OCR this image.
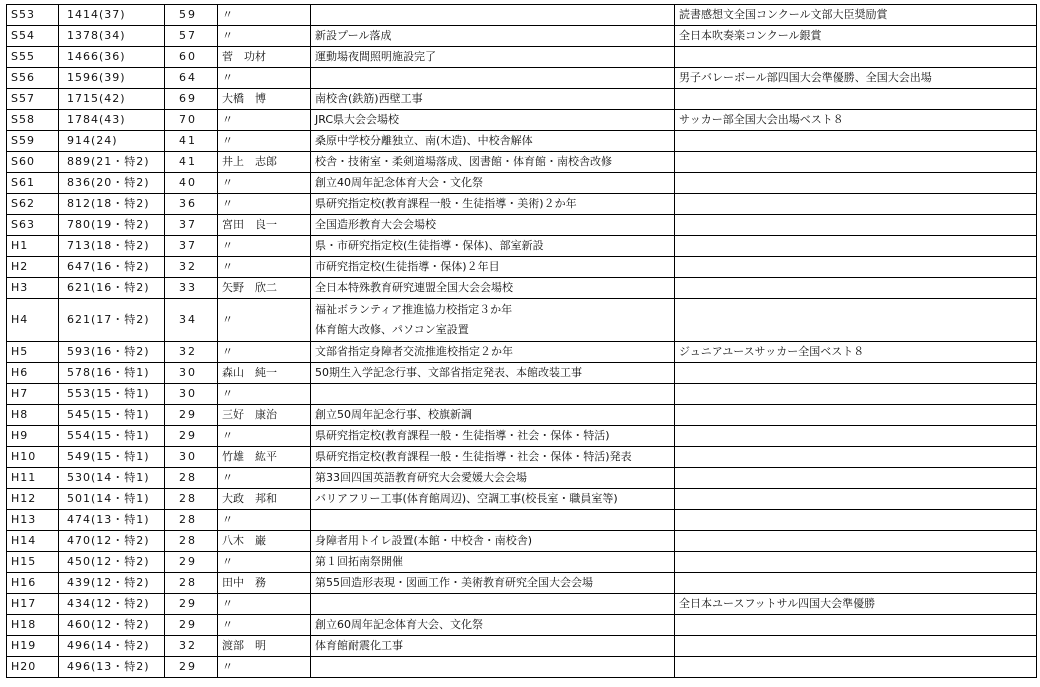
S53	1414(37)	59	〃		読書感想文全国コンクール文部大臣奨励賞
S54	1378(34)	57	〃	新設プール落成	全日本吹奏楽コンクール銀賞
S55	1466(36)	60	菅　功材	運動場夜間照明施設完了	
S56	1596(39)	64	〃		男子バレーボール部四国大会準優勝、全国大会出場
S57	1715(42)	69	大橋　博	南校舎(鉄筋)西壁工事	
S58	1784(43)	70	〃	JRC県大会会場校	サッカー部全国大会出場ベスト８
S59	914(24)	41	〃	桑原中学校分離独立、南(木造)、中校舎解体	
S60	889(21・特2)	41	井上　志郎	校舎・技術室・柔剣道場落成、図書館・体育館・南校舎改修	
S61	836(20・特2)	40	〃	創立40周年記念体育大会・文化祭	
S62	812(18・特2)	36	〃	県研究指定校(教育課程一般・生徒指導・美術)２か年	
S63	780(19・特2)	37	宮田　良一	全国造形教育大会会場校	
H1	713(18・特2)	37	〃	県・市研究指定校(生徒指導・保体)、部室新設	
H2	647(16・特2)	32	〃	市研究指定校(生徒指導・保体)２年目	
H3	621(16・特2)	33	矢野　欣二	全日本特殊教育研究連盟全国大会会場校	
H4	621(17・特2)	34	〃	福祉ボランティア推進協力校指定３か年
体育館大改修、パソコン室設置	

H5	593(16・特2)	32	〃	文部省指定身障者交流推進校指定２か年	ジュニアユースサッカー全国ベスト８
H6	578(16・特1)	30	森山　純一	50期生入学記念行事、文部省指定発表、本館改装工事	
H7	553(15・特1)	30	〃		
H8	545(15・特1)	29	三好　康治	創立50周年記念行事、校旗新調	
H9	554(15・特1)	29	〃	県研究指定校(教育課程一般・生徒指導・社会・保体・特活)	
H10	549(15・特1)	30	竹雄　紘平	県研究指定校(教育課程一般・生徒指導・社会・保体・特活)発表	
H11	530(14・特1)	28	〃	第33回四国英語教育研究大会愛媛大会会場	
H12	501(14・特1)	28	大政　邦和	バリアフリー工事(体育館周辺)、空調工事(校長室・職員室等)	
H13	474(13・特1)	28	〃		
H14	470(12・特2)	28	八木　巌	身障者用トイレ設置(本館・中校舎・南校舎)	
H15	450(12・特2)	29	〃	第１回拓南祭開催	
H16	439(12・特2)	28	田中　務	第55回造形表現・図画工作・美術教育研究全国大会会場	
H17	434(12・特2)	29	〃		全日本ユースフットサル四国大会準優勝
H18	460(12・特2)	29	〃	創立60周年記念体育大会、文化祭	
H19	496(14・特2)	32	渡部　明	体育館耐震化工事	
H20	496(13・特2)	29	〃		
